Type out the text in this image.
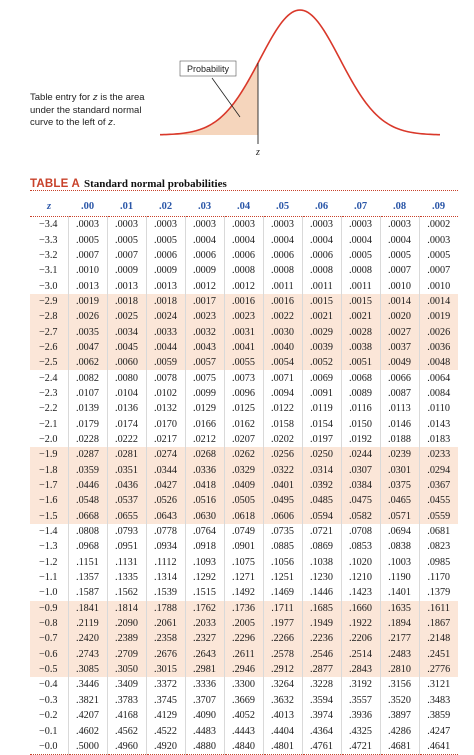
Probability
z
Table entry for z is the area under the standard normal curve to the left of z.
TABLE A Standard normal probabilities
z	.00	.01	.02	.03	.04	.05	.06	.07	.08	.09
−3.4	.0003	.0003	.0003	.0003	.0003	.0003	.0003	.0003	.0003	.0002
−3.3	.0005	.0005	.0005	.0004	.0004	.0004	.0004	.0004	.0004	.0003
−3.2	.0007	.0007	.0006	.0006	.0006	.0006	.0006	.0005	.0005	.0005
−3.1	.0010	.0009	.0009	.0009	.0008	.0008	.0008	.0008	.0007	.0007
−3.0	.0013	.0013	.0013	.0012	.0012	.0011	.0011	.0011	.0010	.0010
−2.9	.0019	.0018	.0018	.0017	.0016	.0016	.0015	.0015	.0014	.0014
−2.8	.0026	.0025	.0024	.0023	.0023	.0022	.0021	.0021	.0020	.0019
−2.7	.0035	.0034	.0033	.0032	.0031	.0030	.0029	.0028	.0027	.0026
−2.6	.0047	.0045	.0044	.0043	.0041	.0040	.0039	.0038	.0037	.0036
−2.5	.0062	.0060	.0059	.0057	.0055	.0054	.0052	.0051	.0049	.0048
−2.4	.0082	.0080	.0078	.0075	.0073	.0071	.0069	.0068	.0066	.0064
−2.3	.0107	.0104	.0102	.0099	.0096	.0094	.0091	.0089	.0087	.0084
−2.2	.0139	.0136	.0132	.0129	.0125	.0122	.0119	.0116	.0113	.0110
−2.1	.0179	.0174	.0170	.0166	.0162	.0158	.0154	.0150	.0146	.0143
−2.0	.0228	.0222	.0217	.0212	.0207	.0202	.0197	.0192	.0188	.0183
−1.9	.0287	.0281	.0274	.0268	.0262	.0256	.0250	.0244	.0239	.0233
−1.8	.0359	.0351	.0344	.0336	.0329	.0322	.0314	.0307	.0301	.0294
−1.7	.0446	.0436	.0427	.0418	.0409	.0401	.0392	.0384	.0375	.0367
−1.6	.0548	.0537	.0526	.0516	.0505	.0495	.0485	.0475	.0465	.0455
−1.5	.0668	.0655	.0643	.0630	.0618	.0606	.0594	.0582	.0571	.0559
−1.4	.0808	.0793	.0778	.0764	.0749	.0735	.0721	.0708	.0694	.0681
−1.3	.0968	.0951	.0934	.0918	.0901	.0885	.0869	.0853	.0838	.0823
−1.2	.1151	.1131	.1112	.1093	.1075	.1056	.1038	.1020	.1003	.0985
−1.1	.1357	.1335	.1314	.1292	.1271	.1251	.1230	.1210	.1190	.1170
−1.0	.1587	.1562	.1539	.1515	.1492	.1469	.1446	.1423	.1401	.1379
−0.9	.1841	.1814	.1788	.1762	.1736	.1711	.1685	.1660	.1635	.1611
−0.8	.2119	.2090	.2061	.2033	.2005	.1977	.1949	.1922	.1894	.1867
−0.7	.2420	.2389	.2358	.2327	.2296	.2266	.2236	.2206	.2177	.2148
−0.6	.2743	.2709	.2676	.2643	.2611	.2578	.2546	.2514	.2483	.2451
−0.5	.3085	.3050	.3015	.2981	.2946	.2912	.2877	.2843	.2810	.2776
−0.4	.3446	.3409	.3372	.3336	.3300	.3264	.3228	.3192	.3156	.3121
−0.3	.3821	.3783	.3745	.3707	.3669	.3632	.3594	.3557	.3520	.3483
−0.2	.4207	.4168	.4129	.4090	.4052	.4013	.3974	.3936	.3897	.3859
−0.1	.4602	.4562	.4522	.4483	.4443	.4404	.4364	.4325	.4286	.4247
−0.0	.5000	.4960	.4920	.4880	.4840	.4801	.4761	.4721	.4681	.4641
